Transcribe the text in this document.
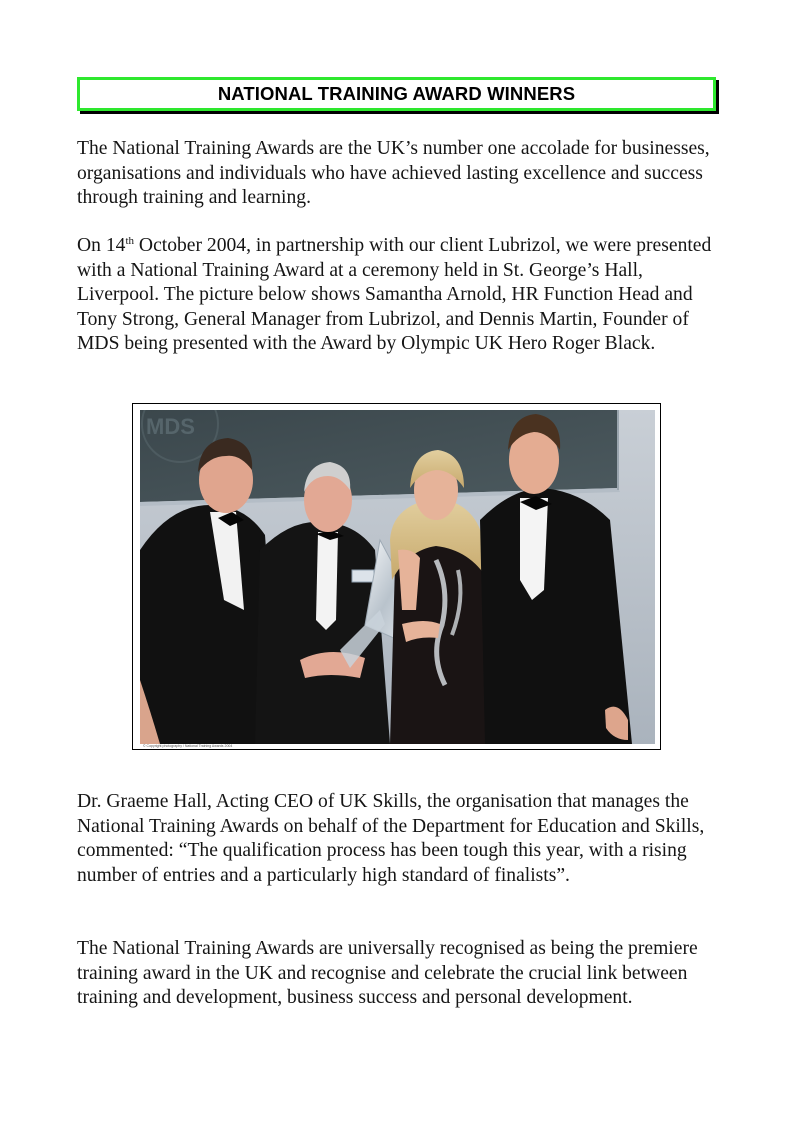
NATIONAL TRAINING AWARD WINNERS

The National Training Awards are the UK’s number one accolade for businesses, organisations and individuals who have achieved lasting excellence and success through training and learning.

On 14th October 2004, in partnership with our client Lubrizol, we were presented with a National Training Award at a ceremony held in St. George’s Hall, Liverpool. The picture below shows Samantha Arnold, HR Function Head and Tony Strong, General Manager from Lubrizol, and Dennis Martin, Founder of MDS being presented with the Award by Olympic UK Hero Roger Black.

MDS
© Copyright photography / National Training Awards 2004

Dr. Graeme Hall, Acting CEO of UK Skills, the organisation that manages the National Training Awards on behalf of the Department for Education and Skills, commented: “The qualification process has been tough this year, with a rising number of entries and a particularly high standard of finalists”.

The National Training Awards are universally recognised as being the premiere training award in the UK and recognise and celebrate the crucial link between training and development, business success and personal development.
